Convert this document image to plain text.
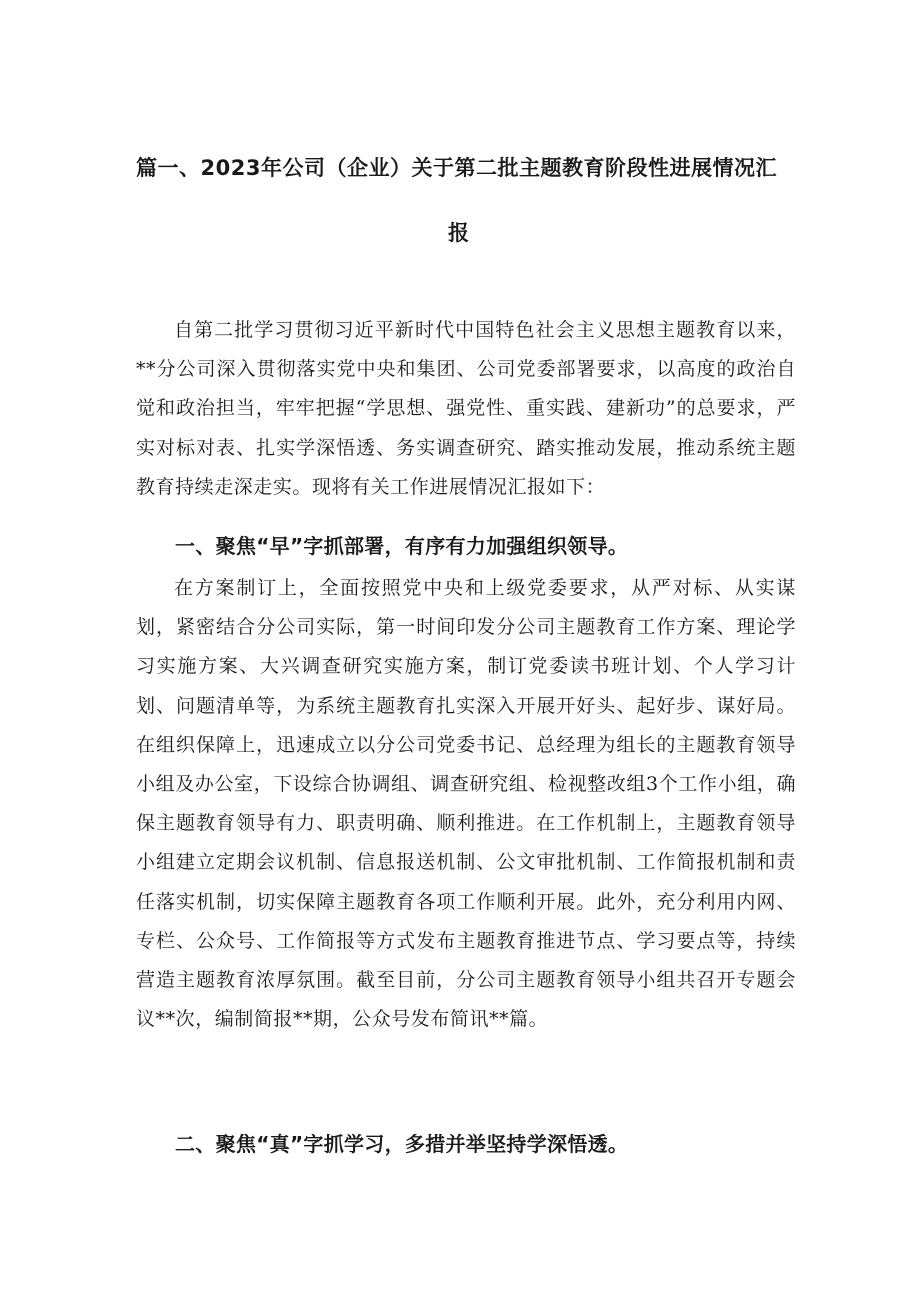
篇一、2023年公司（企业）关于第二批主题教育阶段性进展情况汇
报

自第二批学习贯彻习近平新时代中国特色社会主义思想主题教育以来，**分公司深入贯彻落实党中央和集团、公司党委部署要求，以高度的政治自觉和政治担当，牢牢把握“学思想、强党性、重实践、建新功”的总要求，严实对标对表、扎实学深悟透、务实调查研究、踏实推动发展，推动系统主题教育持续走深走实。现将有关工作进展情况汇报如下：

一、聚焦“早”字抓部署，有序有力加强组织领导。

在方案制订上，全面按照党中央和上级党委要求，从严对标、从实谋划，紧密结合分公司实际，第一时间印发分公司主题教育工作方案、理论学习实施方案、大兴调查研究实施方案，制订党委读书班计划、个人学习计划、问题清单等，为系统主题教育扎实深入开展开好头、起好步、谋好局。在组织保障上，迅速成立以分公司党委书记、总经理为组长的主题教育领导小组及办公室，下设综合协调组、调查研究组、检视整改组3个工作小组，确保主题教育领导有力、职责明确、顺利推进。在工作机制上，主题教育领导小组建立定期会议机制、信息报送机制、公文审批机制、工作简报机制和责任落实机制，切实保障主题教育各项工作顺利开展。此外，充分利用内网、专栏、公众号、工作简报等方式发布主题教育推进节点、学习要点等，持续营造主题教育浓厚氛围。截至目前，分公司主题教育领导小组共召开专题会议**次，编制简报**期，公众号发布简讯**篇。

二、聚焦“真”字抓学习，多措并举坚持学深悟透。
